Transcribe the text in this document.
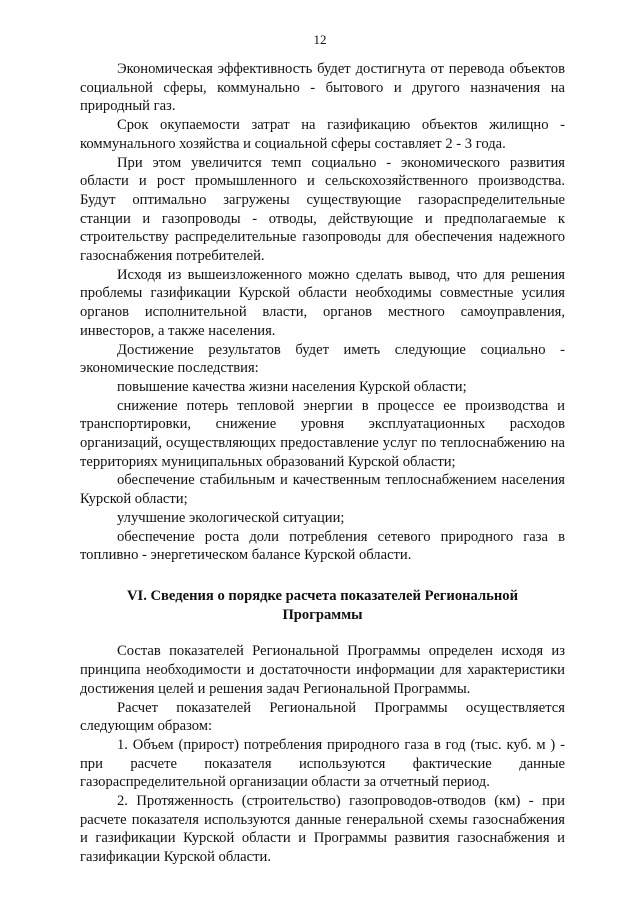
12

Экономическая эффективность будет достигнута от перевода объектов социальной сферы, коммунально - бытового и другого назначения на природный газ.

Срок окупаемости затрат на газификацию объектов жилищно - коммунального хозяйства и социальной сферы составляет 2 - 3 года.

При этом увеличится темп социально - экономического развития области и рост промышленного и сельскохозяйственного производства. Будут оптимально загружены существующие газораспределительные станции и газопроводы - отводы, действующие и предполагаемые к строительству распределительные газопроводы для обеспечения надежного газоснабжения потребителей.

Исходя из вышеизложенного можно сделать вывод, что для решения проблемы газификации Курской области необходимы совместные усилия органов исполнительной власти, органов местного самоуправления, инвесторов, а также населения.

Достижение результатов будет иметь следующие социально - экономические последствия:

повышение качества жизни населения Курской области;

снижение потерь тепловой энергии в процессе ее производства и транспортировки, снижение уровня эксплуатационных расходов организаций, осуществляющих предоставление услуг по теплоснабжению на территориях муниципальных образований Курской области;

обеспечение стабильным и качественным теплоснабжением населения Курской области;

улучшение экологической ситуации;

обеспечение роста доли потребления сетевого природного газа в топливно - энергетическом балансе Курской области.

VI. Сведения о порядке расчета показателей Региональной
Программы

Состав показателей Региональной Программы определен исходя из принципа необходимости и достаточности информации для характеристики достижения целей и решения задач Региональной Программы.

Расчет показателей Региональной Программы осуществляется следующим образом:

1. Объем (прирост) потребления природного газа в год (тыс. куб. м ) - при расчете показателя используются фактические данные газораспределительной организации области за отчетный период.

2. Протяженность (строительство) газопроводов-отводов (км) - при расчете показателя используются данные генеральной схемы газоснабжения и газификации Курской области и Программы развития газоснабжения и газификации Курской области.
